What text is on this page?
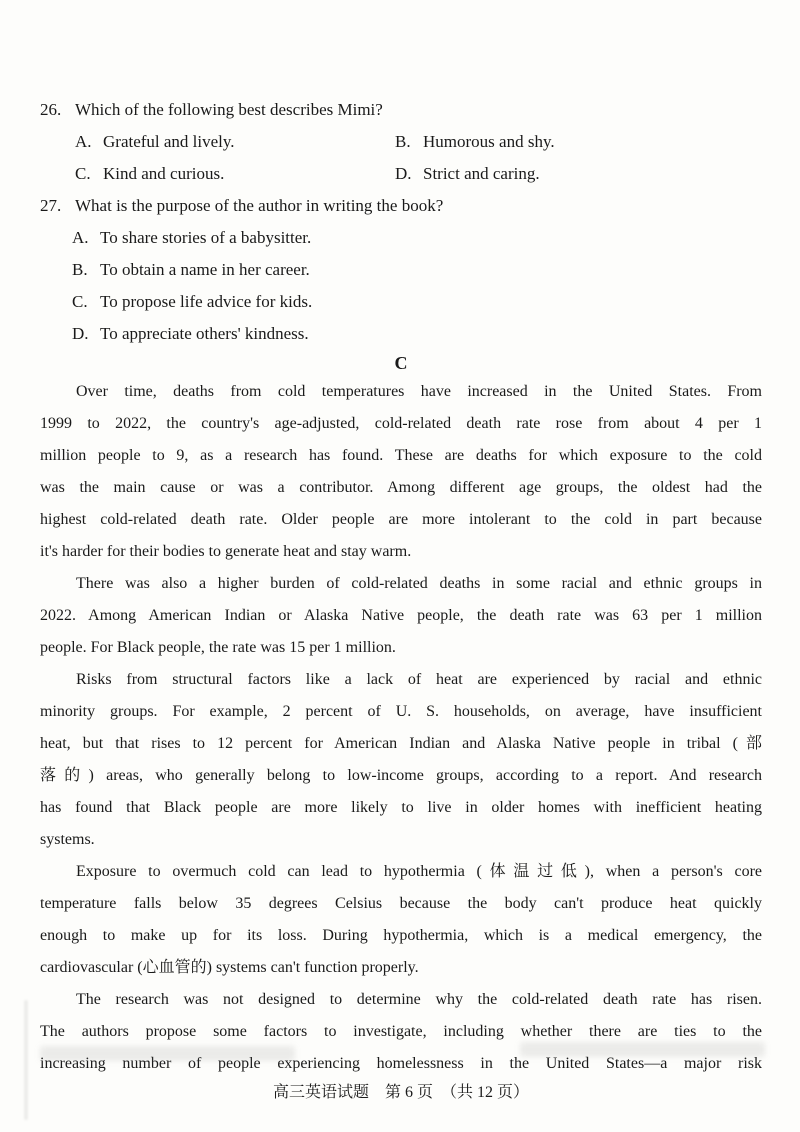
26. Which of the following best describes Mimi?
A. Grateful and lively.	B. Humorous and shy.
C. Kind and curious.	D. Strict and caring.
27. What is the purpose of the author in writing the book?
A. To share stories of a babysitter.
B. To obtain a name in her career.
C. To propose life advice for kids.
D. To appreciate others' kindness.
C
Over time, deaths from cold temperatures have increased in the United States. From
1999 to 2022, the country's age-adjusted, cold-related death rate rose from about 4 per 1
million people to 9, as a research has found. These are deaths for which exposure to the cold
was the main cause or was a contributor. Among different age groups, the oldest had the
highest cold-related death rate. Older people are more intolerant to the cold in part because
it's harder for their bodies to generate heat and stay warm.
There was also a higher burden of cold-related deaths in some racial and ethnic groups in
2022. Among American Indian or Alaska Native people, the death rate was 63 per 1 million
people. For Black people, the rate was 15 per 1 million.
Risks from structural factors like a lack of heat are experienced by racial and ethnic
minority groups. For example, 2 percent of U. S. households, on average, have insufficient
heat, but that rises to 12 percent for American Indian and Alaska Native people in tribal (部
落的) areas, who generally belong to low-income groups, according to a report. And research
has found that Black people are more likely to live in older homes with inefficient heating
systems.
Exposure to overmuch cold can lead to hypothermia (体温过低), when a person's core
temperature falls below 35 degrees Celsius because the body can't produce heat quickly
enough to make up for its loss. During hypothermia, which is a medical emergency, the
cardiovascular (心血管的) systems can't function properly.
The research was not designed to determine why the cold-related death rate has risen.
The authors propose some factors to investigate, including whether there are ties to the
increasing number of people experiencing homelessness in the United States—a major risk
高三英语试题　第 6 页　（共 12 页）
